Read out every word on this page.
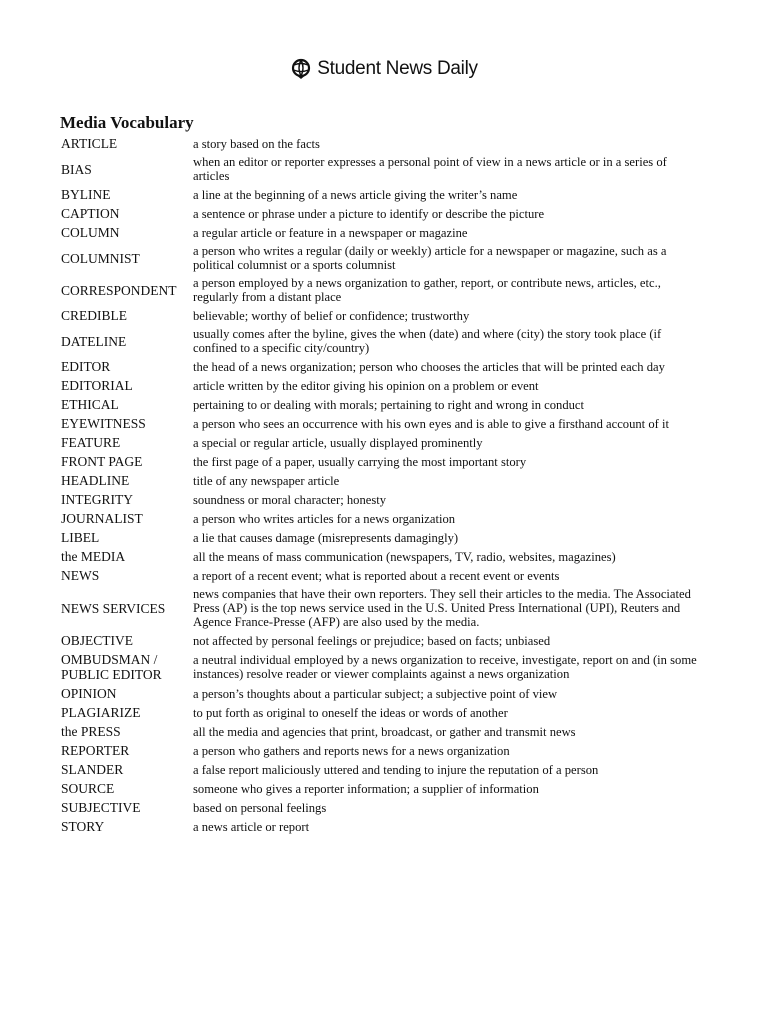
Student News Daily
Media Vocabulary
ARTICLE	a story based on the facts
BIAS	when an editor or reporter expresses a personal point of view in a news article or in a series of articles
BYLINE	a line at the beginning of a news article giving the writer’s name
CAPTION	a sentence or phrase under a picture to identify or describe the picture
COLUMN	a regular article or feature in a newspaper or magazine
COLUMNIST	a person who writes a regular (daily or weekly) article for a newspaper or magazine, such as a political columnist or a sports columnist
CORRESPONDENT	a person employed by a news organization to gather, report, or contribute news, articles, etc., regularly from a distant place
CREDIBLE	believable; worthy of belief or confidence; trustworthy
DATELINE	usually comes after the byline, gives the when (date) and where (city) the story took place (if confined to a specific city/country)
EDITOR	the head of a news organization; person who chooses the articles that will be printed each day
EDITORIAL	article written by the editor giving his opinion on a problem or event
ETHICAL	pertaining to or dealing with morals; pertaining to right and wrong in conduct
EYEWITNESS	a person who sees an occurrence with his own eyes and is able to give a firsthand account of it
FEATURE	a special or regular article, usually displayed prominently
FRONT PAGE	the first page of a paper, usually carrying the most important story
HEADLINE	title of any newspaper article
INTEGRITY	soundness or moral character; honesty
JOURNALIST	a person who writes articles for a news organization
LIBEL	a lie that causes damage (misrepresents damagingly)
the MEDIA	all the means of mass communication (newspapers, TV, radio, websites, magazines)
NEWS	a report of a recent event; what is reported about a recent event or events
NEWS SERVICES	news companies that have their own reporters. They sell their articles to the media. The Associated Press (AP) is the top news service used in the U.S. United Press International (UPI), Reuters and Agence France-Presse (AFP) are also used by the media.
OBJECTIVE	not affected by personal feelings or prejudice; based on facts; unbiased
OMBUDSMAN / PUBLIC EDITOR	a neutral individual employed by a news organization to receive, investigate, report on and (in some instances) resolve reader or viewer complaints against a news organization
OPINION	a person’s thoughts about a particular subject; a subjective point of view
PLAGIARIZE	to put forth as original to oneself the ideas or words of another
the PRESS	all the media and agencies that print, broadcast, or gather and transmit news
REPORTER	a person who gathers and reports news for a news organization
SLANDER	a false report maliciously uttered and tending to injure the reputation of a person
SOURCE	someone who gives a reporter information; a supplier of information
SUBJECTIVE	based on personal feelings
STORY	a news article or report
